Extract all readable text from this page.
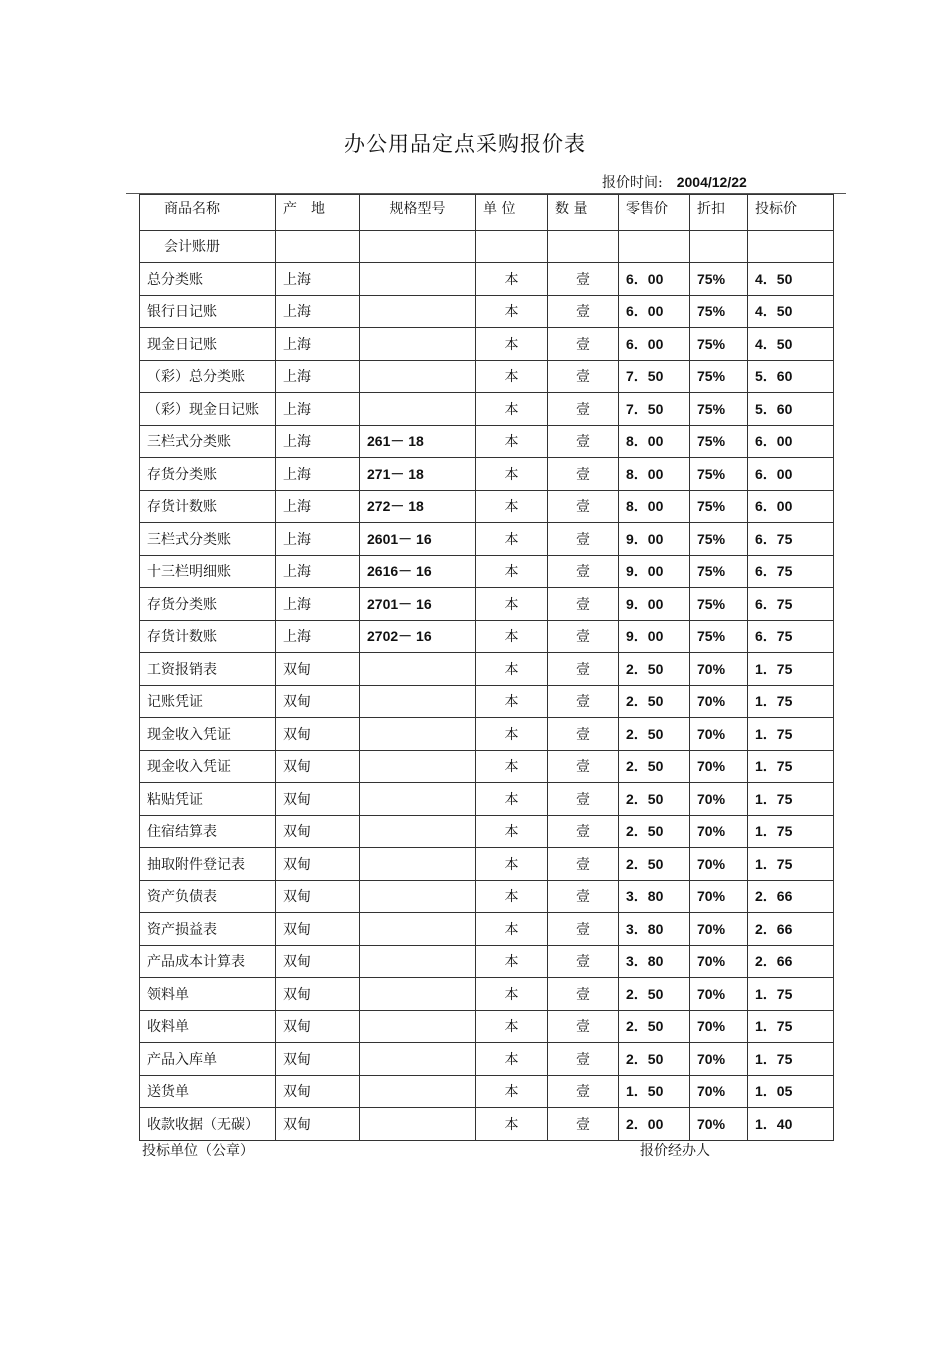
办公用品定点采购报价表
报价时间: 2004/12/22
商品名称	产　地	规格型号	单 位	数 量	零售价	折扣	投标价
会计账册							
总分类账	上海		本	壹	6．00	75%	4．50
银行日记账	上海		本	壹	6．00	75%	4．50
现金日记账	上海		本	壹	6．00	75%	4．50
（彩）总分类账	上海		本	壹	7．50	75%	5．60
（彩）现金日记账	上海		本	壹	7．50	75%	5．60
三栏式分类账	上海	261－ 18	本	壹	8．00	75%	6．00
存货分类账	上海	271－ 18	本	壹	8．00	75%	6．00
存货计数账	上海	272－ 18	本	壹	8．00	75%	6．00
三栏式分类账	上海	2601－ 16	本	壹	9．00	75%	6．75
十三栏明细账	上海	2616－ 16	本	壹	9．00	75%	6．75
存货分类账	上海	2701－ 16	本	壹	9．00	75%	6．75
存货计数账	上海	2702－ 16	本	壹	9．00	75%	6．75
工资报销表	双甸		本	壹	2．50	70%	1．75
记账凭证	双甸		本	壹	2．50	70%	1．75
现金收入凭证	双甸		本	壹	2．50	70%	1．75
现金收入凭证	双甸		本	壹	2．50	70%	1．75
粘贴凭证	双甸		本	壹	2．50	70%	1．75
住宿结算表	双甸		本	壹	2．50	70%	1．75
抽取附件登记表	双甸		本	壹	2．50	70%	1．75
资产负债表	双甸		本	壹	3．80	70%	2．66
资产损益表	双甸		本	壹	3．80	70%	2．66
产品成本计算表	双甸		本	壹	3．80	70%	2．66
领料单	双甸		本	壹	2．50	70%	1．75
收料单	双甸		本	壹	2．50	70%	1．75
产品入库单	双甸		本	壹	2．50	70%	1．75
送货单	双甸		本	壹	1．50	70%	1．05
收款收据（无碳）	双甸		本	壹	2．00	70%	1．40
投标单位（公章）	报价经办人
